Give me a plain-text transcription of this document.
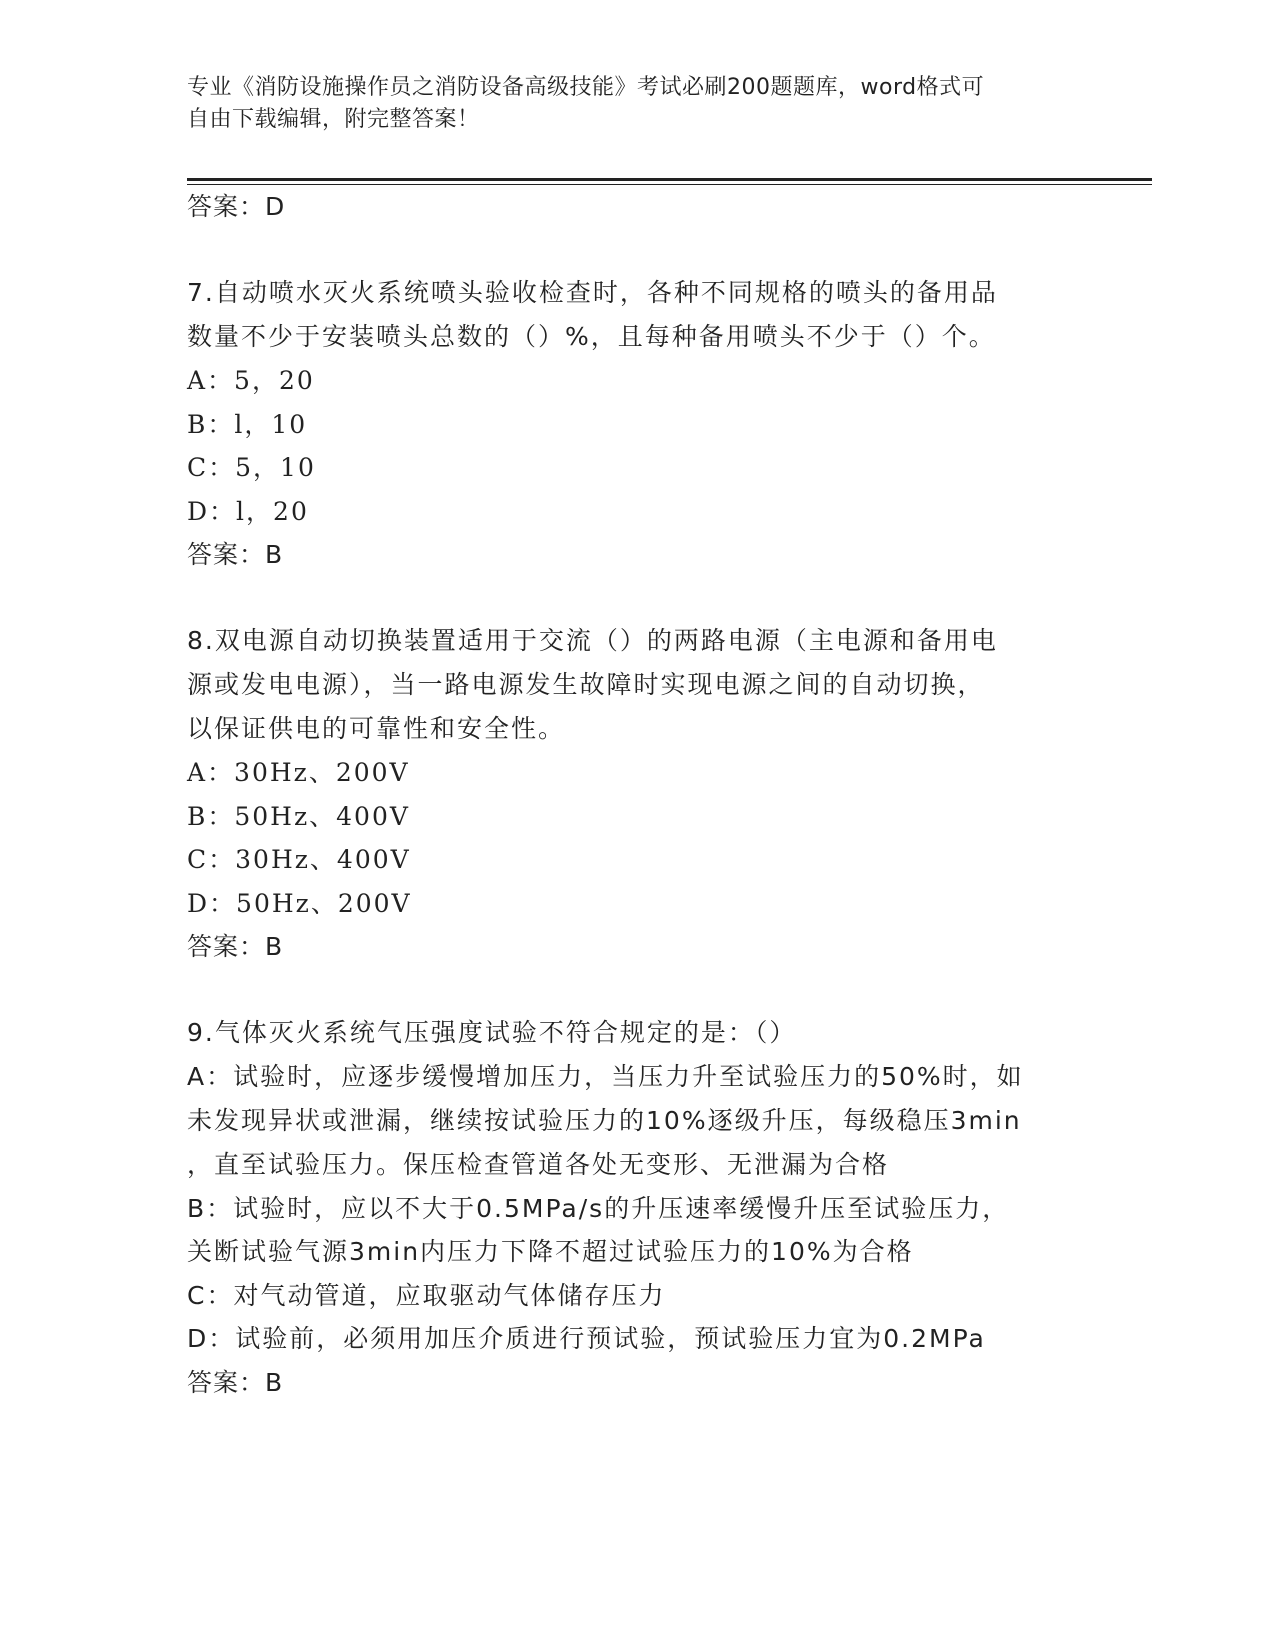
专业《消防设施操作员之消防设备高级技能》考试必刷200题题库，word格式可
自由下载编辑，附完整答案！
答案：D
7.自动喷水灭火系统喷头验收检查时，各种不同规格的喷头的备用品
数量不少于安装喷头总数的（）%，且每种备用喷头不少于（）个。
A：5，20
B：l，10
C：5，10
D：l，20
答案：B
8.双电源自动切换装置适用于交流（）的两路电源（主电源和备用电
源或发电电源），当一路电源发生故障时实现电源之间的自动切换，
以保证供电的可靠性和安全性。
A：30Hz、200V
B：50Hz、400V
C：30Hz、400V
D：50Hz、200V
答案：B
9.气体灭火系统气压强度试验不符合规定的是：（）
A：试验时，应逐步缓慢增加压力，当压力升至试验压力的50%时，如
未发现异状或泄漏，继续按试验压力的10%逐级升压，每级稳压3min
，直至试验压力。保压检查管道各处无变形、无泄漏为合格
B：试验时，应以不大于0.5MPa/s的升压速率缓慢升压至试验压力，
关断试验气源3min内压力下降不超过试验压力的10%为合格
C：对气动管道，应取驱动气体储存压力
D：试验前，必须用加压介质进行预试验，预试验压力宜为0.2MPa
答案：B
